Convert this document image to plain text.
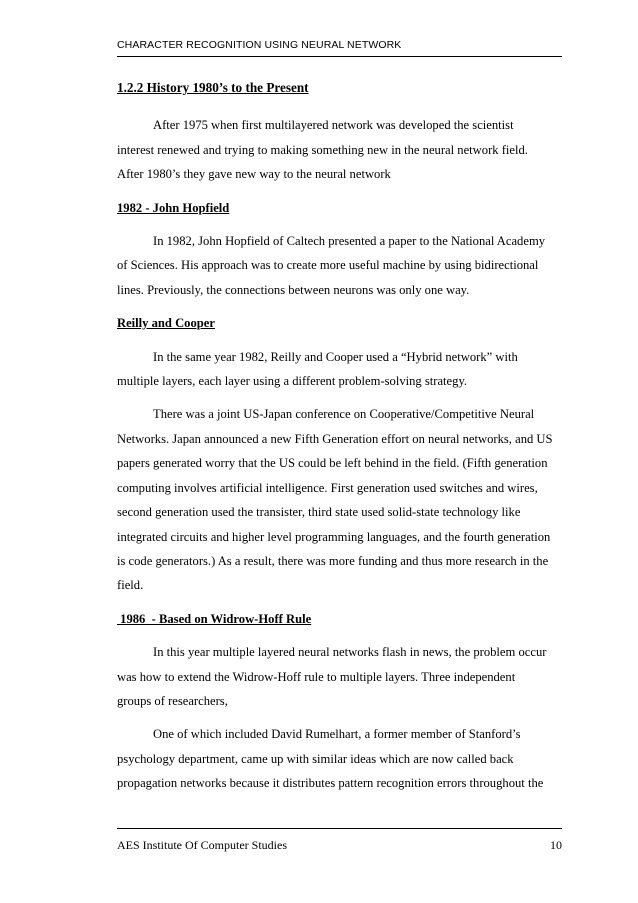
CHARACTER RECOGNITION USING NEURAL NETWORK
1.2.2 History 1980’s to the Present
After 1975 when first multilayered network was developed the scientist
interest renewed and trying to making something new in the neural network field.
After 1980’s they gave new way to the neural network
1982 - John Hopfield
In 1982, John Hopfield of Caltech presented a paper to the National Academy
of Sciences. His approach was to create more useful machine by using bidirectional
lines. Previously, the connections between neurons was only one way.
Reilly and Cooper
In the same year 1982, Reilly and Cooper used a “Hybrid network” with
multiple layers, each layer using a different problem-solving strategy.
There was a joint US-Japan conference on Cooperative/Competitive Neural
Networks. Japan announced a new Fifth Generation effort on neural networks, and US
papers generated worry that the US could be left behind in the field. (Fifth generation
computing involves artificial intelligence. First generation used switches and wires,
second generation used the transister, third state used solid-state technology like
integrated circuits and higher level programming languages, and the fourth generation
is code generators.) As a result, there was more funding and thus more research in the
field.
1986  - Based on Widrow-Hoff Rule
In this year multiple layered neural networks flash in news, the problem occur
was how to extend the Widrow-Hoff rule to multiple layers. Three independent
groups of researchers,
One of which included David Rumelhart, a former member of Stanford’s
psychology department, came up with similar ideas which are now called back
propagation networks because it distributes pattern recognition errors throughout the
AES Institute Of Computer Studies	10
